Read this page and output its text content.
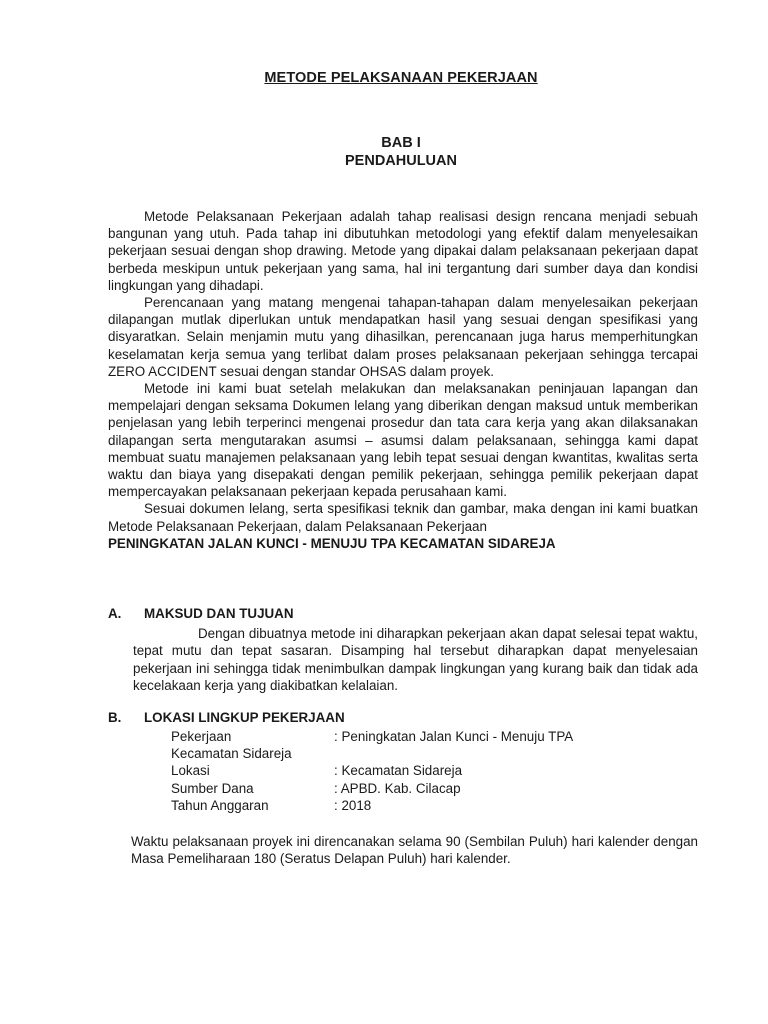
METODE PELAKSANAAN PEKERJAAN
BAB I
PENDAHULUAN

Metode Pelaksanaan Pekerjaan adalah tahap realisasi design rencana menjadi sebuah bangunan yang utuh. Pada tahap ini dibutuhkan metodologi yang efektif dalam menyelesaikan pekerjaan sesuai dengan shop drawing. Metode yang dipakai dalam pelaksanaan pekerjaan dapat berbeda meskipun untuk pekerjaan yang sama, hal ini tergantung dari sumber daya dan kondisi lingkungan yang dihadapi.

Perencanaan yang matang mengenai tahapan-tahapan dalam menyelesaikan pekerjaan dilapangan mutlak diperlukan untuk mendapatkan hasil yang sesuai dengan spesifikasi yang disyaratkan. Selain menjamin mutu yang dihasilkan, perencanaan juga harus memperhitungkan keselamatan kerja semua yang terlibat dalam proses pelaksanaan pekerjaan sehingga tercapai ZERO ACCIDENT sesuai dengan standar OHSAS dalam proyek.

Metode ini kami buat setelah melakukan dan melaksanakan peninjauan lapangan dan mempelajari dengan seksama Dokumen lelang yang diberikan dengan maksud untuk memberikan penjelasan yang lebih terperinci mengenai prosedur dan tata cara kerja yang akan dilaksanakan dilapangan serta mengutarakan asumsi – asumsi dalam pelaksanaan, sehingga kami dapat membuat suatu manajemen pelaksanaan yang lebih tepat sesuai dengan kwantitas, kwalitas serta waktu dan biaya yang disepakati dengan pemilik pekerjaan, sehingga pemilik pekerjaan dapat mempercayakan pelaksanaan pekerjaan kepada perusahaan kami.

Sesuai dokumen lelang, serta spesifikasi teknik dan gambar, maka dengan ini kami buatkan Metode Pelaksanaan Pekerjaan, dalam Pelaksanaan Pekerjaan

PENINGKATAN JALAN KUNCI - MENUJU TPA KECAMATAN SIDAREJA

A. MAKSUD DAN TUJUAN

Dengan dibuatnya metode ini diharapkan pekerjaan akan dapat selesai tepat waktu, tepat mutu dan tepat sasaran. Disamping hal tersebut diharapkan dapat menyelesaian pekerjaan ini sehingga tidak menimbulkan dampak lingkungan yang kurang baik dan tidak ada kecelakaan kerja yang diakibatkan kelalaian.

B. LOKASI LINGKUP PEKERJAAN
Pekerjaan	: Peningkatan Jalan Kunci - Menuju TPA
Kecamatan Sidareja
Lokasi	: Kecamatan Sidareja
Sumber Dana	: APBD. Kab. Cilacap
Tahun Anggaran	: 2018

Waktu pelaksanaan proyek ini direncanakan selama 90 (Sembilan Puluh) hari kalender dengan Masa Pemeliharaan 180 (Seratus Delapan Puluh) hari kalender.
